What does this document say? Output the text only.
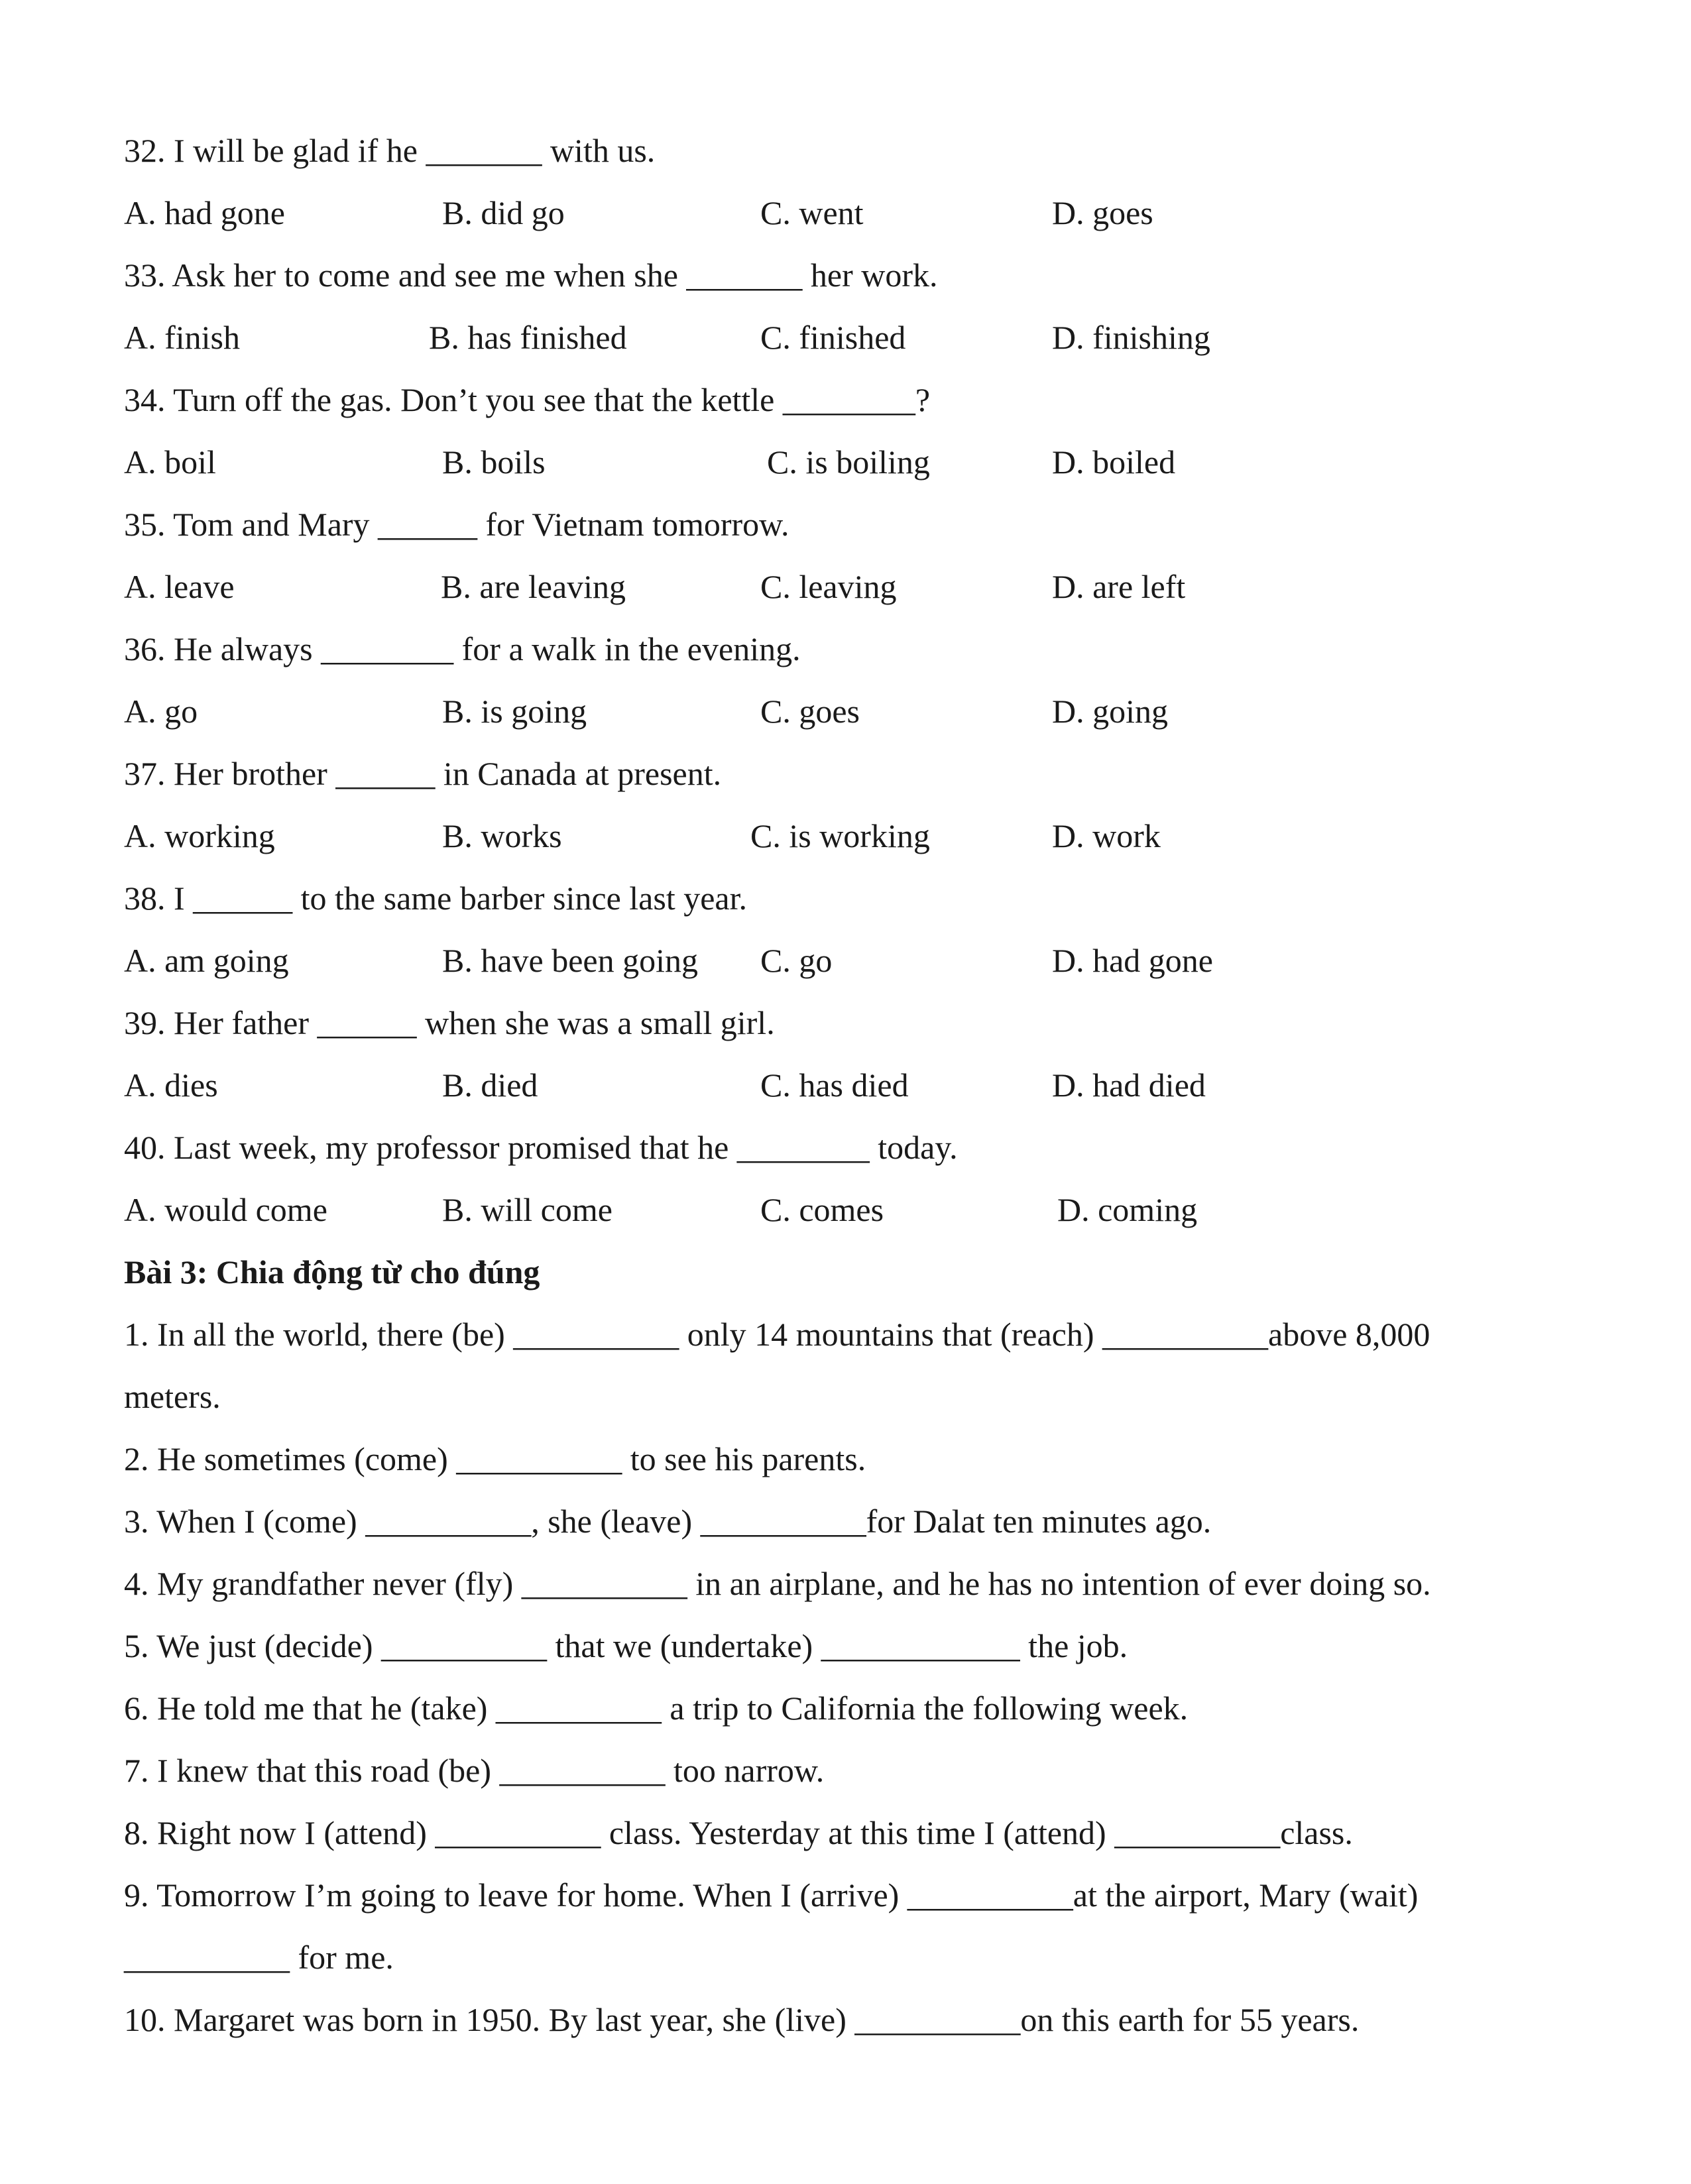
32. I will be glad if he _______ with us.

A. had gone

	B. did go

	C. went

	D. goes

33. Ask her to come and see me when she _______ her work.

A. finish

	B. has finished

	C. finished

	D. finishing

34. Turn off the gas. Don’t you see that the kettle ________?

A. boil

	B. boils

	C. is boiling

	D. boiled

35. Tom and Mary ______ for Vietnam tomorrow.

A. leave

	B. are leaving

	C. leaving

	D. are left

36. He always ________ for a walk in the evening.

A. go

	B. is going

	C. goes

	D. going

37. Her brother ______ in Canada at present.

A. working

	B. works

	C. is working

	D. work

38. I ______ to the same barber since last year.

A. am going

	B. have been going

C. go

	D. had gone

39. Her father ______ when she was a small girl.

A. dies

	B. died

	C. has died

	D. had died

40. Last week, my professor promised that he ________ today.

A. would come

	B. will come

	C. comes

	D. coming

Bài 3: Chia động từ cho đúng
1. In all the world, there (be) __________ only 14 mountains that (reach) __________above 8,000
meters.
2. He sometimes (come) __________ to see his parents.
3. When I (come) __________, she (leave) __________for Dalat ten minutes ago.
4. My grandfather never (fly) __________ in an airplane, and he has no intention of ever doing so.
5. We just (decide) __________ that we (undertake) ____________ the job.
6. He told me that he (take) __________ a trip to California the following week.
7. I knew that this road (be) __________ too narrow.
8. Right now I (attend) __________ class. Yesterday at this time I (attend) __________class.
9. Tomorrow I’m going to leave for home. When I (arrive) __________at the airport, Mary (wait)
__________ for me.
10. Margaret was born in 1950. By last year, she (live) __________on this earth for 55 years.
